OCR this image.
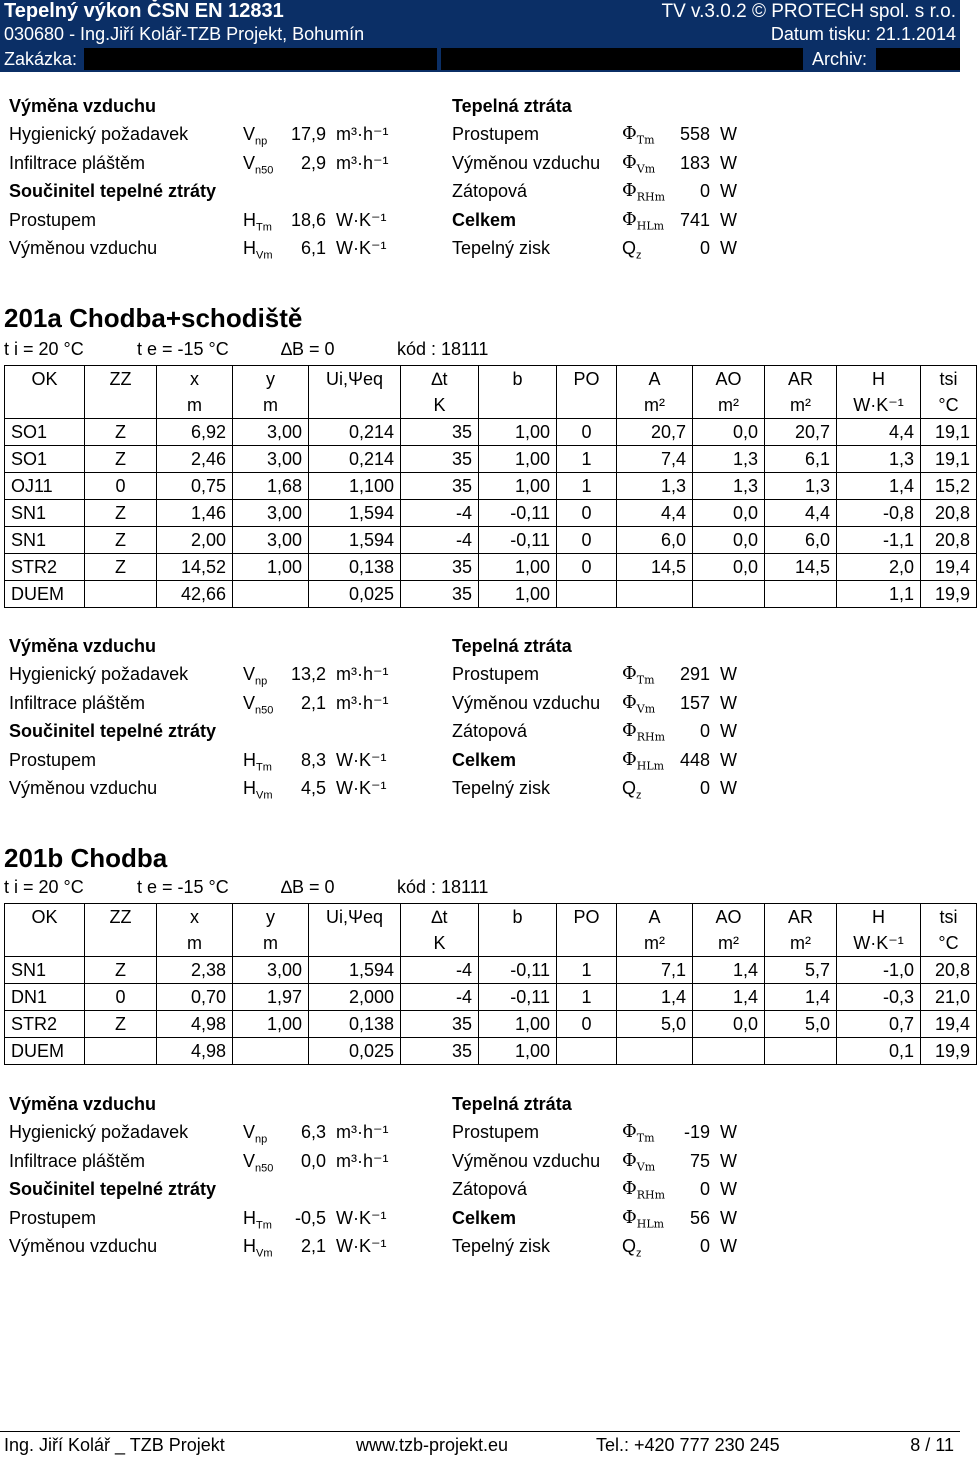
Tepelný výkon ČSN EN 12831	TV v.3.0.2 © PROTECH spol. s r.o.
030680 - Ing.Jiří Kolář-TZB Projekt, Bohumín	Datum tisku: 21.1.2014
Zakázka:	Archiv:
Výměna vzduchu	Tepelná ztráta
Hygienický požadavek	$V_{np}$	17,9 m³·h⁻¹	Prostupem	$\Phi_{Tm}$	558 W
Infiltrace pláštěm	$V_{n50}$	2,9 m³·h⁻¹	Výměnou vzduchu $\Phi_{Vm}$	183 W
Součinitel tepelné ztráty	Zátopová	$\Phi_{RHm}$	0 W
Prostupem	$H_{Tm}$	18,6 W·K⁻¹	Celkem	$\Phi_{HLm}$ 741 W
Výměnou vzduchu	$H_{Vm}$	6,1 W·K⁻¹	Tepelný zisk	$Q_z$	0 W
201a Chodba+schodiště
t i = 20 °C	t e = -15 °C	∆B = 0	kód : 18111
OK	ZZ	x	y	Ui,Ψeq	∆t	b	PO	A	AO	AR	H	tsi
		m	m		K			m²	m²	m²	W·K⁻¹	°C
SO1	Z	6,92	3,00	0,214	35	1,00	0	20,7	0,0	20,7	4,4	19,1
SO1	Z	2,46	3,00	0,214	35	1,00	1	7,4	1,3	6,1	1,3	19,1
OJ11	0	0,75	1,68	1,100	35	1,00	1	1,3	1,3	1,3	1,4	15,2
SN1	Z	1,46	3,00	1,594	-4	-0,11	0	4,4	0,0	4,4	-0,8	20,8
SN1	Z	2,00	3,00	1,594	-4	-0,11	0	6,0	0,0	6,0	-1,1	20,8
STR2	Z	14,52	1,00	0,138	35	1,00	0	14,5	0,0	14,5	2,0	19,4
DUEM		42,66		0,025	35	1,00					1,1	19,9
Výměna vzduchu	Tepelná ztráta
Hygienický požadavek	$V_{np}$	13,2 m³·h⁻¹	Prostupem	$\Phi_{Tm}$	291 W
Infiltrace pláštěm	$V_{n50}$	2,1 m³·h⁻¹	Výměnou vzduchu $\Phi_{Vm}$	157 W
Součinitel tepelné ztráty	Zátopová	$\Phi_{RHm}$	0 W
Prostupem	$H_{Tm}$	8,3 W·K⁻¹	Celkem	$\Phi_{HLm}$ 448 W
Výměnou vzduchu	$H_{Vm}$	4,5 W·K⁻¹	Tepelný zisk	$Q_z$	0 W
201b Chodba
t i = 20 °C	t e = -15 °C	∆B = 0	kód : 18111
OK	ZZ	x	y	Ui,Ψeq	∆t	b	PO	A	AO	AR	H	tsi
		m	m		K			m²	m²	m²	W·K⁻¹	°C
SN1	Z	2,38	3,00	1,594	-4	-0,11	1	7,1	1,4	5,7	-1,0	20,8
DN1	0	0,70	1,97	2,000	-4	-0,11	1	1,4	1,4	1,4	-0,3	21,0
STR2	Z	4,98	1,00	0,138	35	1,00	0	5,0	0,0	5,0	0,7	19,4
DUEM		4,98		0,025	35	1,00					0,1	19,9
Výměna vzduchu	Tepelná ztráta
Hygienický požadavek	$V_{np}$	6,3 m³·h⁻¹	Prostupem	$\Phi_{Tm}$	-19 W
Infiltrace pláštěm	$V_{n50}$	0,0 m³·h⁻¹	Výměnou vzduchu $\Phi_{Vm}$	75 W
Součinitel tepelné ztráty	Zátopová	$\Phi_{RHm}$	0 W
Prostupem	$H_{Tm}$	-0,5 W·K⁻¹	Celkem	$\Phi_{HLm}$	56 W
Výměnou vzduchu	$H_{Vm}$	2,1 W·K⁻¹	Tepelný zisk	$Q_z$	0 W
Ing. Jiří Kolář _ TZB Projekt	www.tzb-projekt.eu	Tel.: +420 777 230 245	8 / 11
